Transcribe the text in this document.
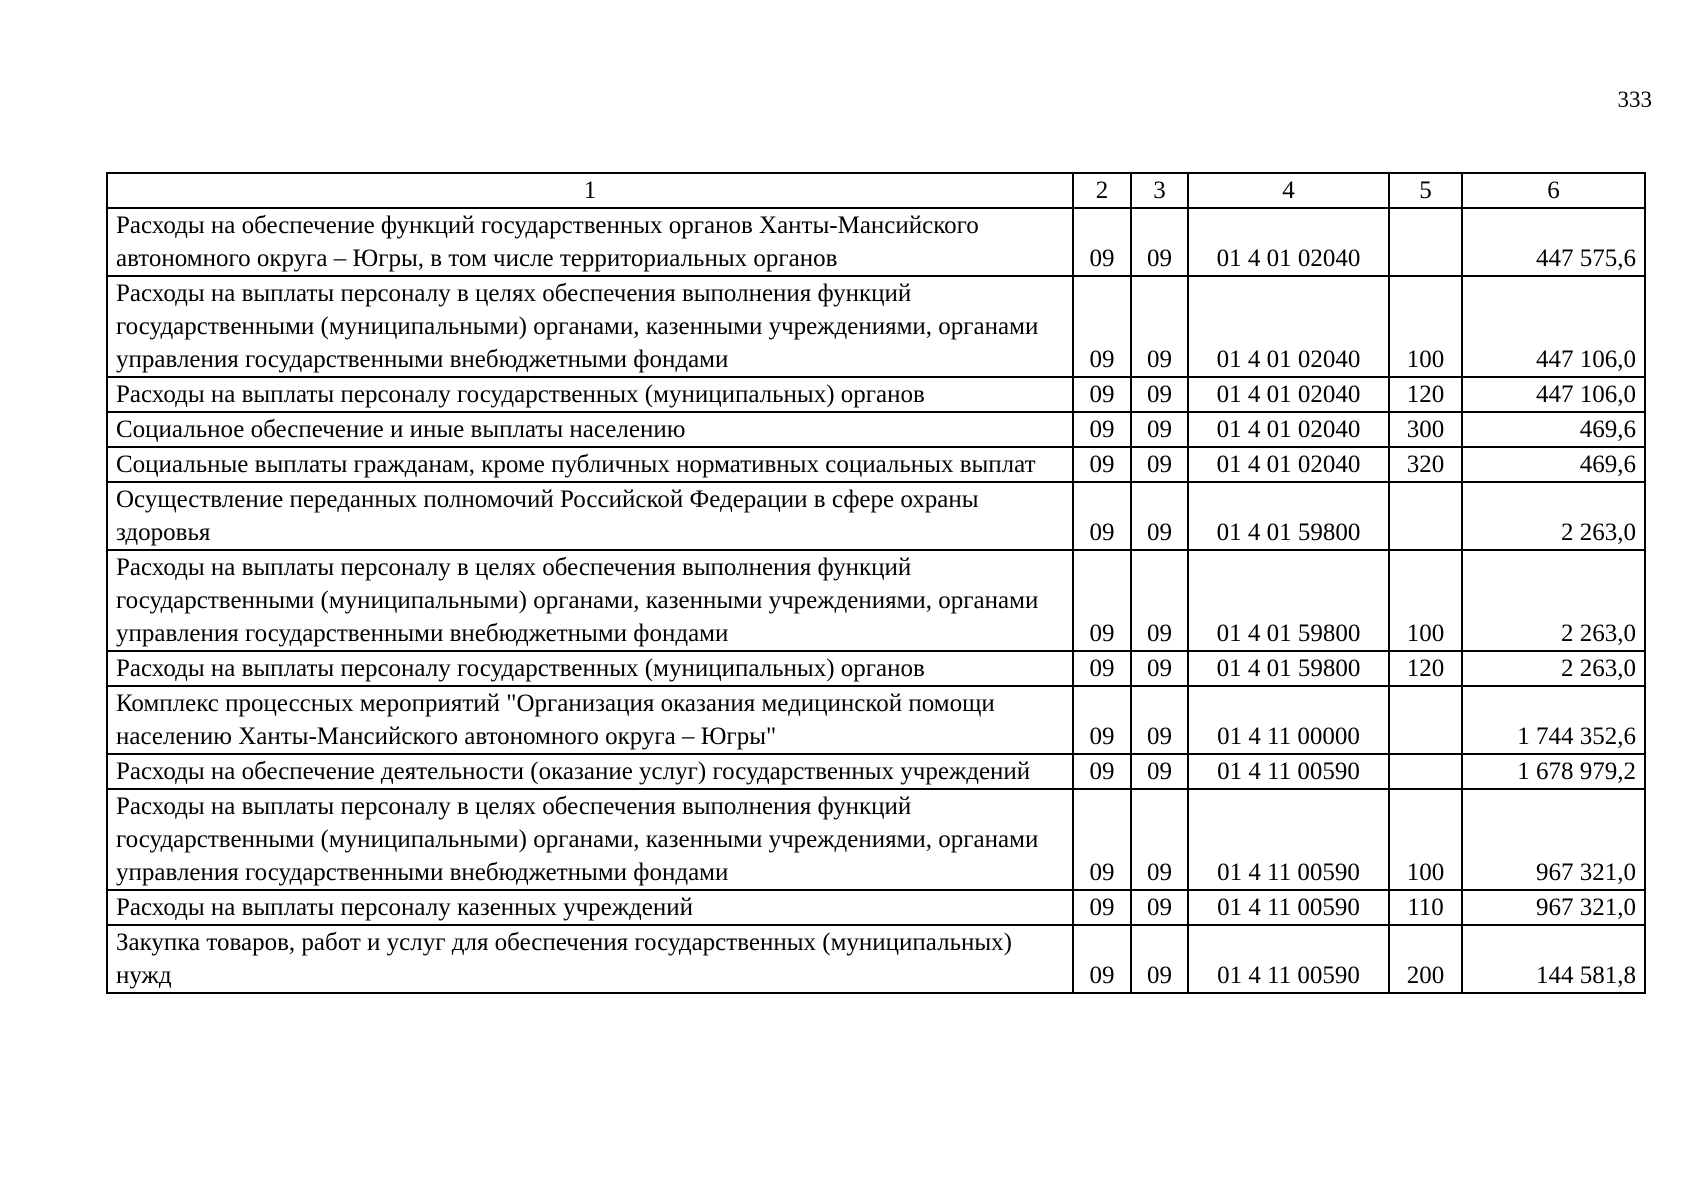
333
1	2	3	4	5	6
Расходы на обеспечение функций государственных органов Ханты-Мансийского автономного округа – Югры, в том числе территориальных органов	09	09	01 4 01 02040		447 575,6
Расходы на выплаты персоналу в целях обеспечения выполнения функций государственными (муниципальными) органами, казенными учреждениями, органами управления государственными внебюджетными фондами	09	09	01 4 01 02040	100	447 106,0
Расходы на выплаты персоналу государственных (муниципальных) органов	09	09	01 4 01 02040	120	447 106,0
Социальное обеспечение и иные выплаты населению	09	09	01 4 01 02040	300	469,6
Социальные выплаты гражданам, кроме публичных нормативных социальных выплат	09	09	01 4 01 02040	320	469,6
Осуществление переданных полномочий Российской Федерации в сфере охраны здоровья	09	09	01 4 01 59800		2 263,0
Расходы на выплаты персоналу в целях обеспечения выполнения функций государственными (муниципальными) органами, казенными учреждениями, органами управления государственными внебюджетными фондами	09	09	01 4 01 59800	100	2 263,0
Расходы на выплаты персоналу государственных (муниципальных) органов	09	09	01 4 01 59800	120	2 263,0
Комплекс процессных мероприятий "Организация оказания медицинской помощи населению Ханты-Мансийского автономного округа – Югры"	09	09	01 4 11 00000		1 744 352,6
Расходы на обеспечение деятельности (оказание услуг) государственных учреждений	09	09	01 4 11 00590		1 678 979,2
Расходы на выплаты персоналу в целях обеспечения выполнения функций государственными (муниципальными) органами, казенными учреждениями, органами управления государственными внебюджетными фондами	09	09	01 4 11 00590	100	967 321,0
Расходы на выплаты персоналу казенных учреждений	09	09	01 4 11 00590	110	967 321,0
Закупка товаров, работ и услуг для обеспечения государственных (муниципальных) нужд	09	09	01 4 11 00590	200	144 581,8
